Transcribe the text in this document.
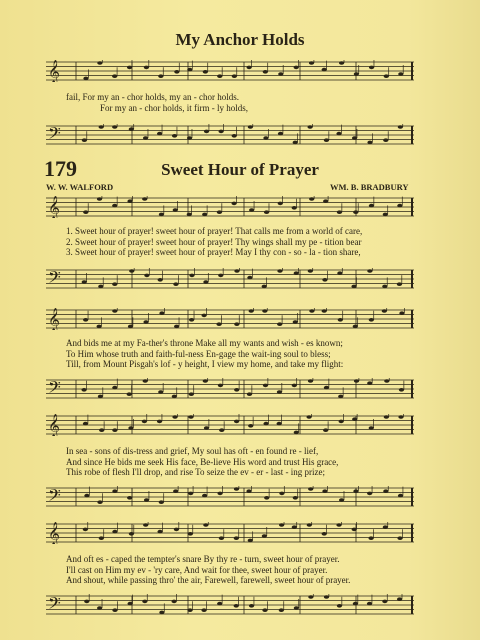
My Anchor Holds
𝄞
fail, For my an - chor holds, my an - chor holds.
For my an - chor holds, it firm - ly holds,
𝄢
179	Sweet Hour of Prayer
W. W. WALFORD	WM. B. BRADBURY
𝄞
1. Sweet hour of prayer! sweet hour of prayer! That calls me from a world of care,
2. Sweet hour of prayer! sweet hour of prayer! Thy wings shall my pe - tition bear
3. Sweet hour of prayer! sweet hour of prayer! May I thy con - so - la - tion share,
𝄢
𝄞
And bids me at my Fa-ther's throne Make all my wants and wish - es known;
To Him whose truth and faith-ful-ness En-gage the wait-ing soul to bless;
Till, from Mount Pisgah's lof - y height, I view my home, and take my flight:
𝄢
𝄞
In sea - sons of dis-tress and grief, My soul has oft - en found re - lief,
And since He bids me seek His face, Be-lieve His word and trust His grace,
This robe of flesh I'll drop, and rise To seize the ev - er - last - ing prize;
𝄢
𝄞
And oft es - caped the tempter's snare By thy re - turn, sweet hour of prayer.
I'll cast on Him my ev - 'ry care, And wait for thee, sweet hour of prayer.
And shout, while passing thro' the air, Farewell, farewell, sweet hour of prayer.
𝄢
